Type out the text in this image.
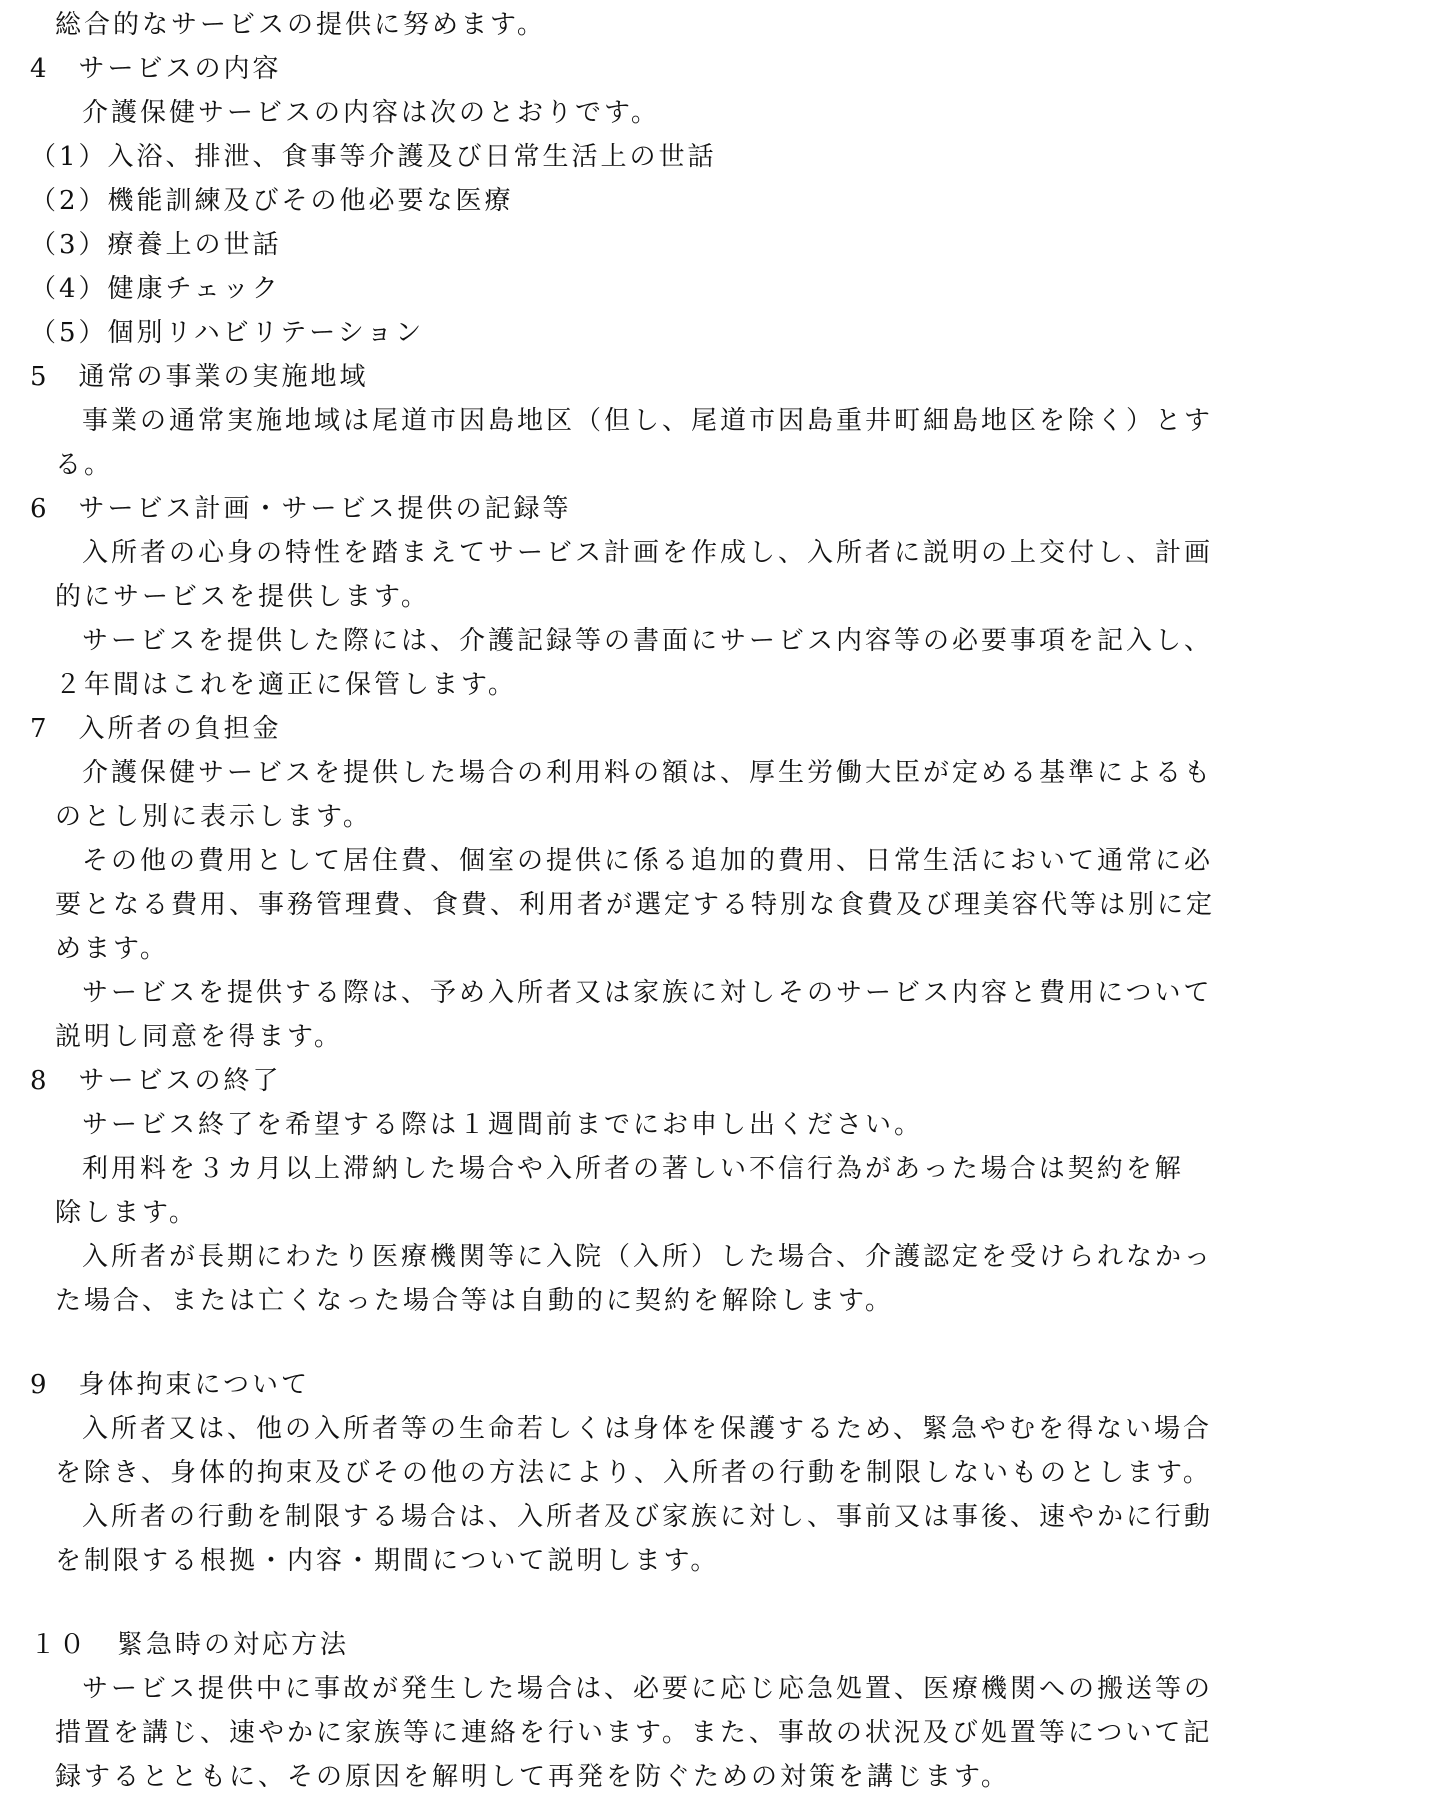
総合的なサービスの提供に努めます。
4　サービスの内容
介護保健サービスの内容は次のとおりです。
（1）入浴、排泄、食事等介護及び日常生活上の世話
（2）機能訓練及びその他必要な医療
（3）療養上の世話
（4）健康チェック
（5）個別リハビリテーション
5　通常の事業の実施地域
事業の通常実施地域は尾道市因島地区（但し、尾道市因島重井町細島地区を除く）とす
る。
6　サービス計画・サービス提供の記録等
入所者の心身の特性を踏まえてサービス計画を作成し、入所者に説明の上交付し、計画
的にサービスを提供します。
サービスを提供した際には、介護記録等の書面にサービス内容等の必要事項を記入し、
２年間はこれを適正に保管します。
7　入所者の負担金
介護保健サービスを提供した場合の利用料の額は、厚生労働大臣が定める基準によるも
のとし別に表示します。
その他の費用として居住費、個室の提供に係る追加的費用、日常生活において通常に必
要となる費用、事務管理費、食費、利用者が選定する特別な食費及び理美容代等は別に定
めます。
サービスを提供する際は、予め入所者又は家族に対しそのサービス内容と費用について
説明し同意を得ます。
8　サービスの終了
サービス終了を希望する際は１週間前までにお申し出ください。
利用料を３カ月以上滞納した場合や入所者の著しい不信行為があった場合は契約を解
除します。
入所者が長期にわたり医療機関等に入院（入所）した場合、介護認定を受けられなかっ
た場合、または亡くなった場合等は自動的に契約を解除します。
9　身体拘束について
入所者又は、他の入所者等の生命若しくは身体を保護するため、緊急やむを得ない場合
を除き、身体的拘束及びその他の方法により、入所者の行動を制限しないものとします。
入所者の行動を制限する場合は、入所者及び家族に対し、事前又は事後、速やかに行動
を制限する根拠・内容・期間について説明します。
１０　緊急時の対応方法
サービス提供中に事故が発生した場合は、必要に応じ応急処置、医療機関への搬送等の
措置を講じ、速やかに家族等に連絡を行います。また、事故の状況及び処置等について記
録するとともに、その原因を解明して再発を防ぐための対策を講じます。
